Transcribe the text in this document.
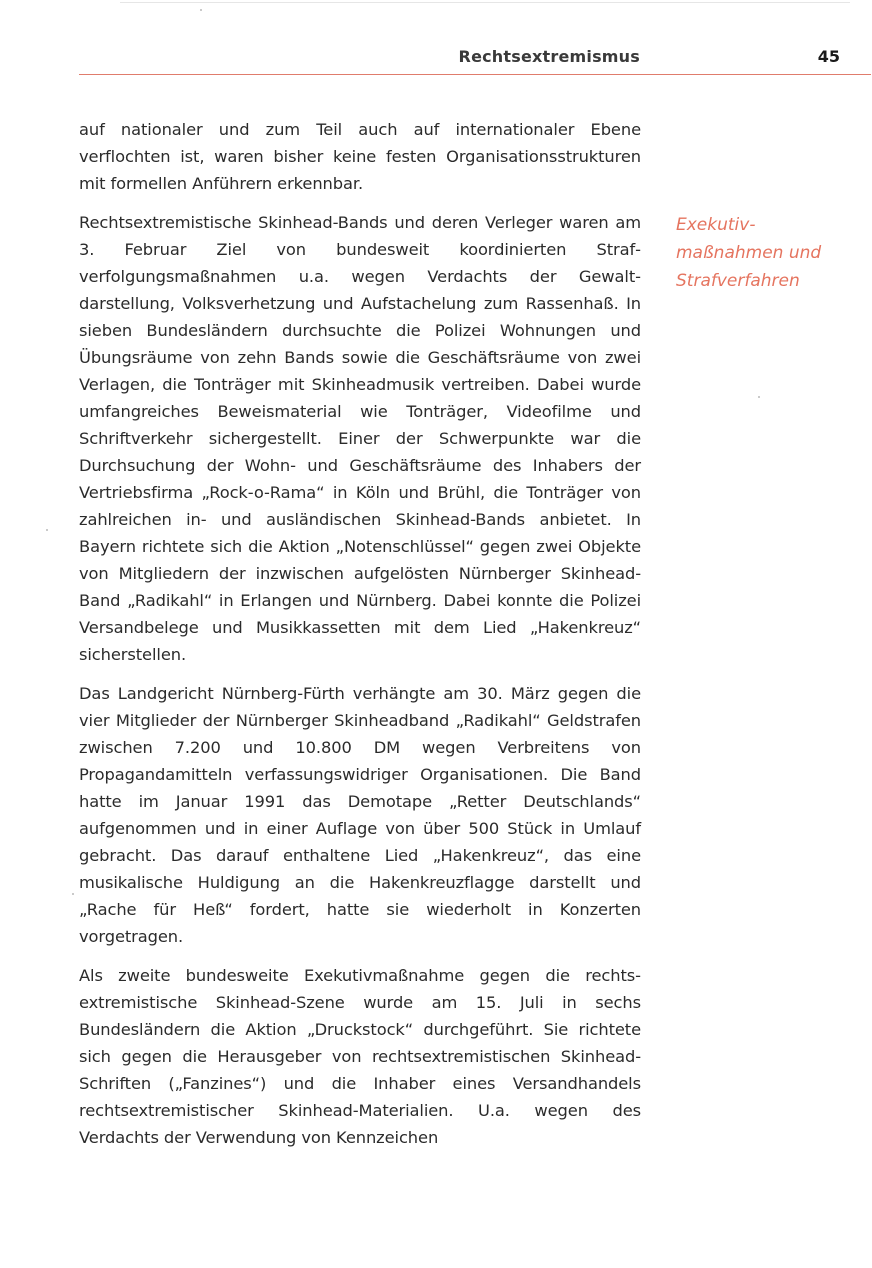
Rechtsextremismus	45
Exekutiv-
maßnahmen und
Strafverfahren

auf nationaler und zum Teil auch auf internationaler Ebene verflochten ist, waren bisher keine festen Organisationsstrukturen mit formellen Anführern erkennbar.

Rechtsextremistische Skinhead-Bands und deren Verleger waren am 3. Februar Ziel von bundesweit koordinierten Strafverfolgungsmaßnahmen u.a. wegen Verdachts der Gewaltdarstellung, Volksverhetzung und Aufstachelung zum Rassenhaß. In sieben Bundesländern durchsuchte die Polizei Wohnungen und Übungsräume von zehn Bands sowie die Geschäftsräume von zwei Verlagen, die Tonträger mit Skinheadmusik vertreiben. Dabei wurde umfangreiches Beweismaterial wie Tonträger, Videofilme und Schriftverkehr sichergestellt. Einer der Schwerpunkte war die Durchsuchung der Wohn- und Geschäftsräume des Inhabers der Vertriebsfirma „Rock-o-Rama“ in Köln und Brühl, die Tonträger von zahlreichen in- und ausländischen Skinhead-Bands anbietet. In Bayern richtete sich die Aktion „Notenschlüssel“ gegen zwei Objekte von Mitgliedern der inzwischen aufgelösten Nürnberger Skinhead-Band „Radikahl“ in Erlangen und Nürnberg. Dabei konnte die Polizei Versandbelege und Musikkassetten mit dem Lied „Hakenkreuz“ sicherstellen.

Das Landgericht Nürnberg-Fürth verhängte am 30. März gegen die vier Mitglieder der Nürnberger Skinheadband „Radikahl“ Geldstrafen zwischen 7.200 und 10.800 DM wegen Verbreitens von Propagandamitteln verfassungswidriger Organisationen. Die Band hatte im Januar 1991 das Demotape „Retter Deutschlands“ aufgenommen und in einer Auflage von über 500 Stück in Umlauf gebracht. Das darauf enthaltene Lied „Hakenkreuz“, das eine musikalische Huldigung an die Hakenkreuzflagge darstellt und „Rache für Heß“ fordert, hatte sie wiederholt in Konzerten vorgetragen.

Als zweite bundesweite Exekutivmaßnahme gegen die rechtsextremistische Skinhead-Szene wurde am 15. Juli in sechs Bundesländern die Aktion „Druckstock“ durchgeführt. Sie richtete sich gegen die Herausgeber von rechtsextremistischen Skinhead-Schriften („Fanzines“) und die Inhaber eines Versandhandels rechtsextremistischer Skinhead-Materialien. U.a. wegen des Verdachts der Verwendung von Kennzeichen
